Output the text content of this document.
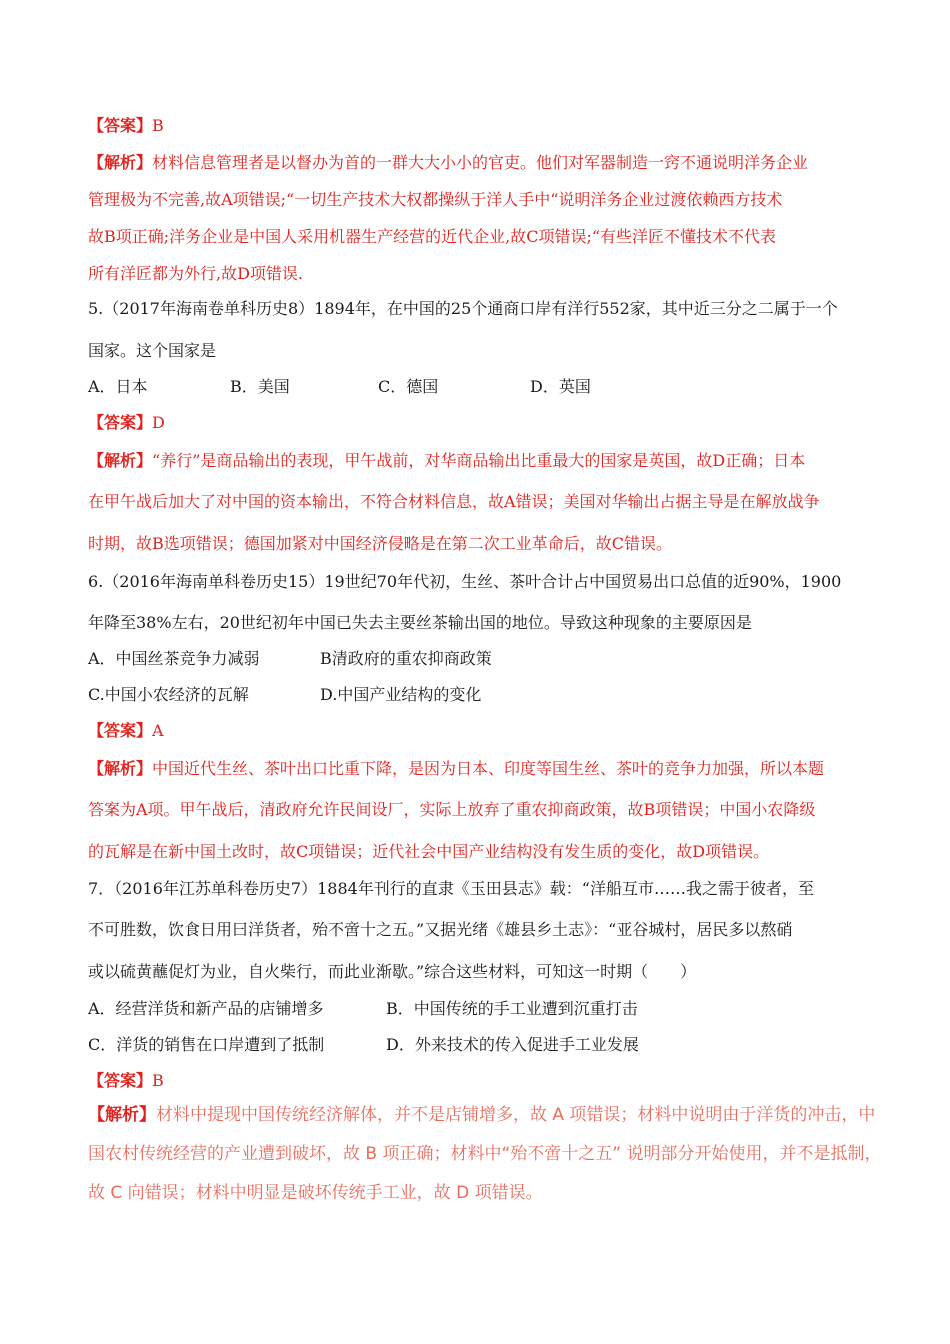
【答案】B
【解析】材料信息管理者是以督办为首的一群大大小小的官吏。他们对军器制造一窍不通说明洋务企业
管理极为不完善,故A项错误;“一切生产技术大权都操纵于洋人手中“说明洋务企业过渡依赖西方技术
故B项正确;洋务企业是中国人采用机器生产经营的近代企业,故C项错误;“有些洋匠不懂技术不代表
所有洋匠都为外行,故D项错误.
5.（2017年海南卷单科历史8）1894年，在中国的25个通商口岸有洋行552家，其中近三分之二属于一个
国家。这个国家是
A．日本	B．美国	C．德国	D．英国
【答案】D
【解析】“养行”是商品输出的表现，甲午战前，对华商品输出比重最大的国家是英国，故D正确；日本
在甲午战后加大了对中国的资本输出，不符合材料信息，故A错误；美国对华输出占据主导是在解放战争
时期，故B选项错误；德国加紧对中国经济侵略是在第二次工业革命后，故C错误。
6.（2016年海南单科卷历史15）19世纪70年代初，生丝、茶叶合计占中国贸易出口总值的近90%，1900
年降至38%左右，20世纪初年中国已失去主要丝茶输出国的地位。导致这种现象的主要原因是
A．中国丝茶竞争力减弱	B清政府的重农抑商政策
C.中国小农经济的瓦解	D.中国产业结构的变化
【答案】A
【解析】中国近代生丝、茶叶出口比重下降，是因为日本、印度等国生丝、茶叶的竞争力加强，所以本题
答案为A项。甲午战后，清政府允许民间设厂，实际上放弃了重农抑商政策，故B项错误；中国小农降级
的瓦解是在新中国土改时，故C项错误；近代社会中国产业结构没有发生质的变化，故D项错误。
7．（2016年江苏单科卷历史7）1884年刊行的直隶《玉田县志》载：“洋船互市……我之需于彼者，至
不可胜数，饮食日用曰洋货者，殆不啻十之五。”又据光绪《雄县乡土志》：“亚谷城村，居民多以熬硝
或以硫黄蘸促灯为业，自火柴行，而此业渐歇。”综合这些材料，可知这一时期（　　）
A．经营洋货和新产品的店铺增多	B．中国传统的手工业遭到沉重打击
C．洋货的销售在口岸遭到了抵制	D．外来技术的传入促进手工业发展
【答案】B
【解析】材料中提现中国传统经济解体，并不是店铺增多，故 A 项错误；材料中说明由于洋货的冲击，中
国农村传统经营的产业遭到破坏，故 B 项正确；材料中“殆不啻十之五” 说明部分开始使用，并不是抵制，
故 C 向错误；材料中明显是破坏传统手工业，故 D 项错误。
